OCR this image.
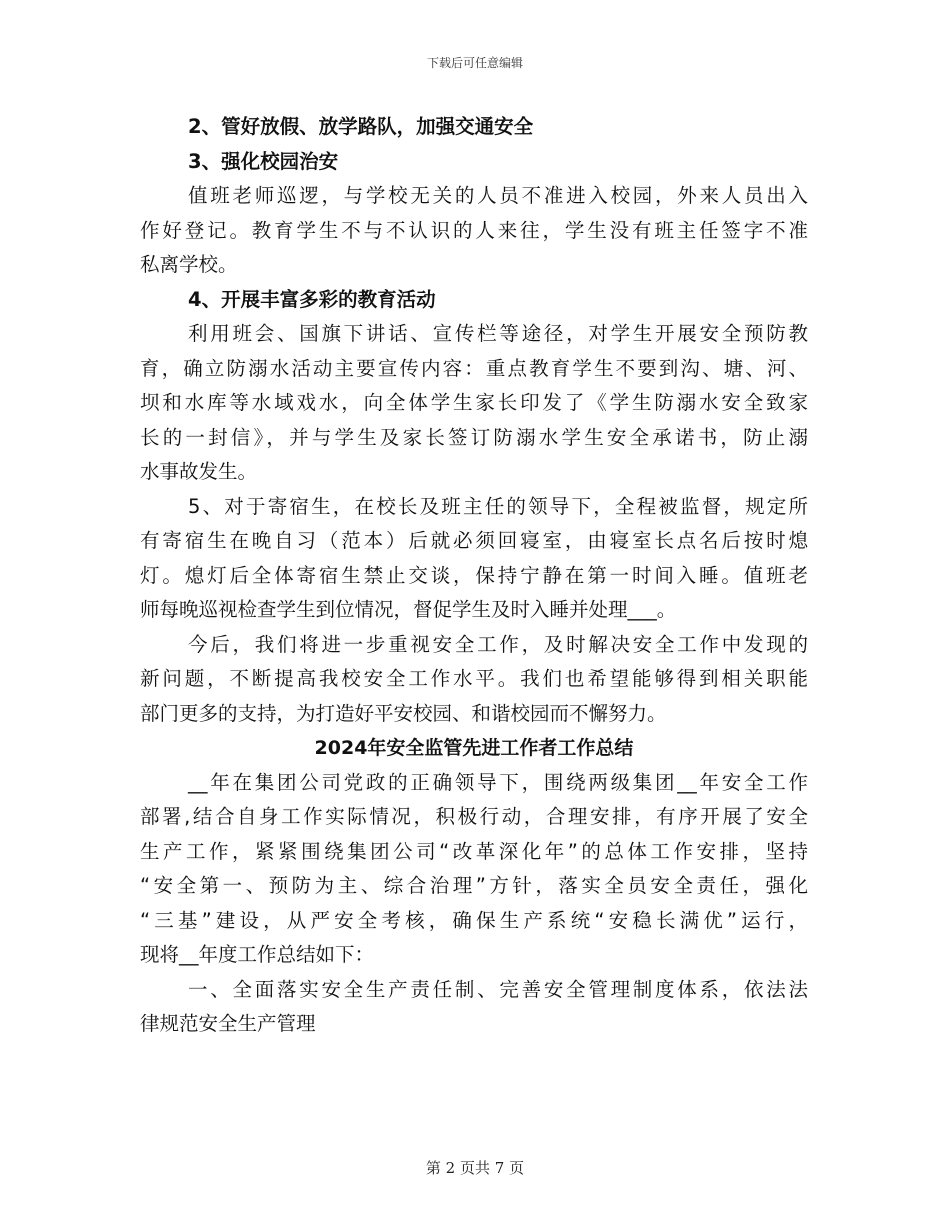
下载后可任意编辑
2、管好放假、放学路队，加强交通安全
3、强化校园治安
值班老师巡逻，与学校无关的人员不准进入校园，外来人员出入
作好登记。教育学生不与不认识的人来往，学生没有班主任签字不准
私离学校。
4、开展丰富多彩的教育活动
利用班会、国旗下讲话、宣传栏等途径，对学生开展安全预防教
育，确立防溺水活动主要宣传内容：重点教育学生不要到沟、塘、河、
坝和水库等水域戏水，向全体学生家长印发了《学生防溺水安全致家
长的一封信》，并与学生及家长签订防溺水学生安全承诺书，防止溺
水事故发生。
5、对于寄宿生，在校长及班主任的领导下，全程被监督，规定所
有寄宿生在晚自习（范本）后就必须回寝室，由寝室长点名后按时熄
灯。熄灯后全体寄宿生禁止交谈，保持宁静在第一时间入睡。值班老
师每晚巡视检查学生到位情况，督促学生及时入睡并处理___。
今后，我们将进一步重视安全工作，及时解决安全工作中发现的
新问题，不断提高我校安全工作水平。我们也希望能够得到相关职能
部门更多的支持，为打造好平安校园、和谐校园而不懈努力。
2024年安全监管先进工作者工作总结
__年在集团公司党政的正确领导下，围绕两级集团__年安全工作
部署,结合自身工作实际情况，积极行动，合理安排，有序开展了安全
生产工作，紧紧围绕集团公司“改革深化年”的总体工作安排，坚持
“安全第一、预防为主、综合治理”方针，落实全员安全责任，强化
“三基”建设，从严安全考核，确保生产系统“安稳长满优”运行，
现将__年度工作总结如下：
一、全面落实安全生产责任制、完善安全管理制度体系，依法法
律规范安全生产管理
第 2 页共 7 页
